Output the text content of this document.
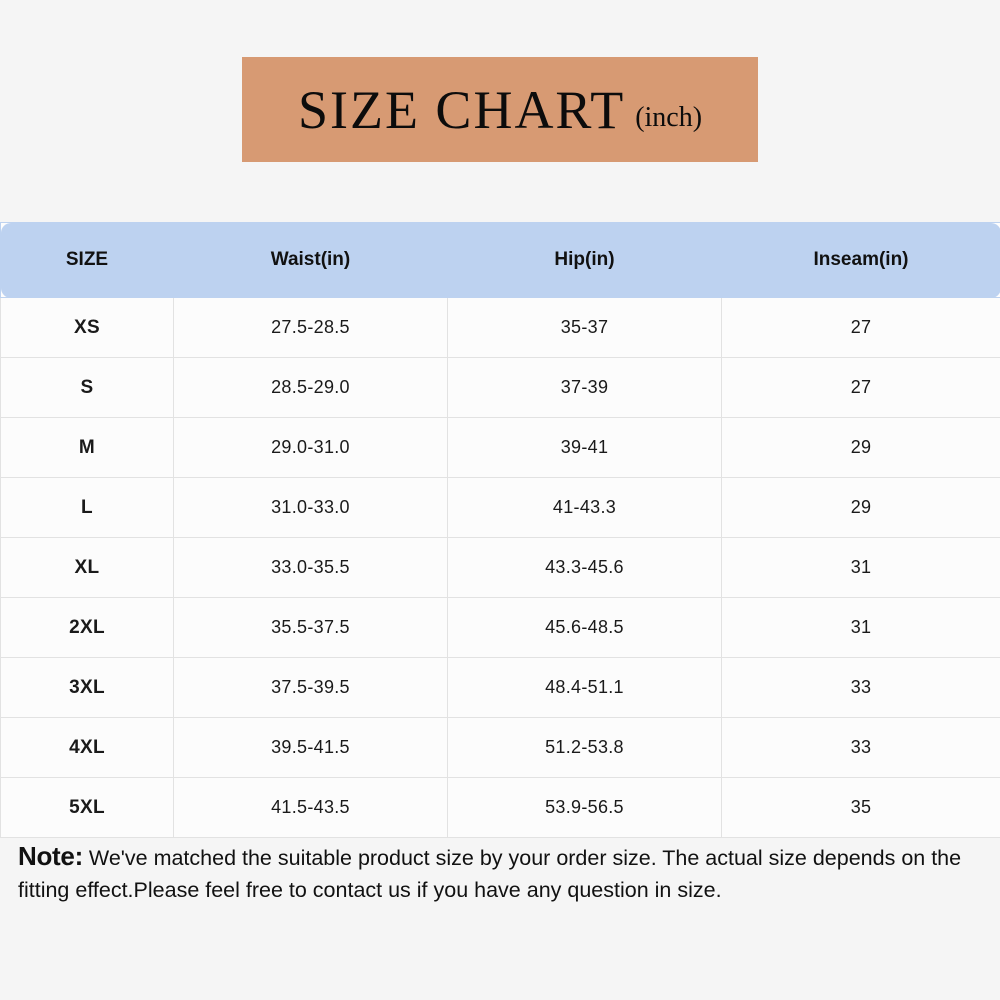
SIZE CHART (inch)
SIZE	Waist(in)	Hip(in)	Inseam(in)
XS	27.5-28.5	35-37	27
S	28.5-29.0	37-39	27
M	29.0-31.0	39-41	29
L	31.0-33.0	41-43.3	29
XL	33.0-35.5	43.3-45.6	31
2XL	35.5-37.5	45.6-48.5	31
3XL	37.5-39.5	48.4-51.1	33
4XL	39.5-41.5	51.2-53.8	33
5XL	41.5-43.5	53.9-56.5	35
Note: We've matched the suitable product size by your order size. The actual size depends on the fitting effect.Please feel free to contact us if you have any question in size.
